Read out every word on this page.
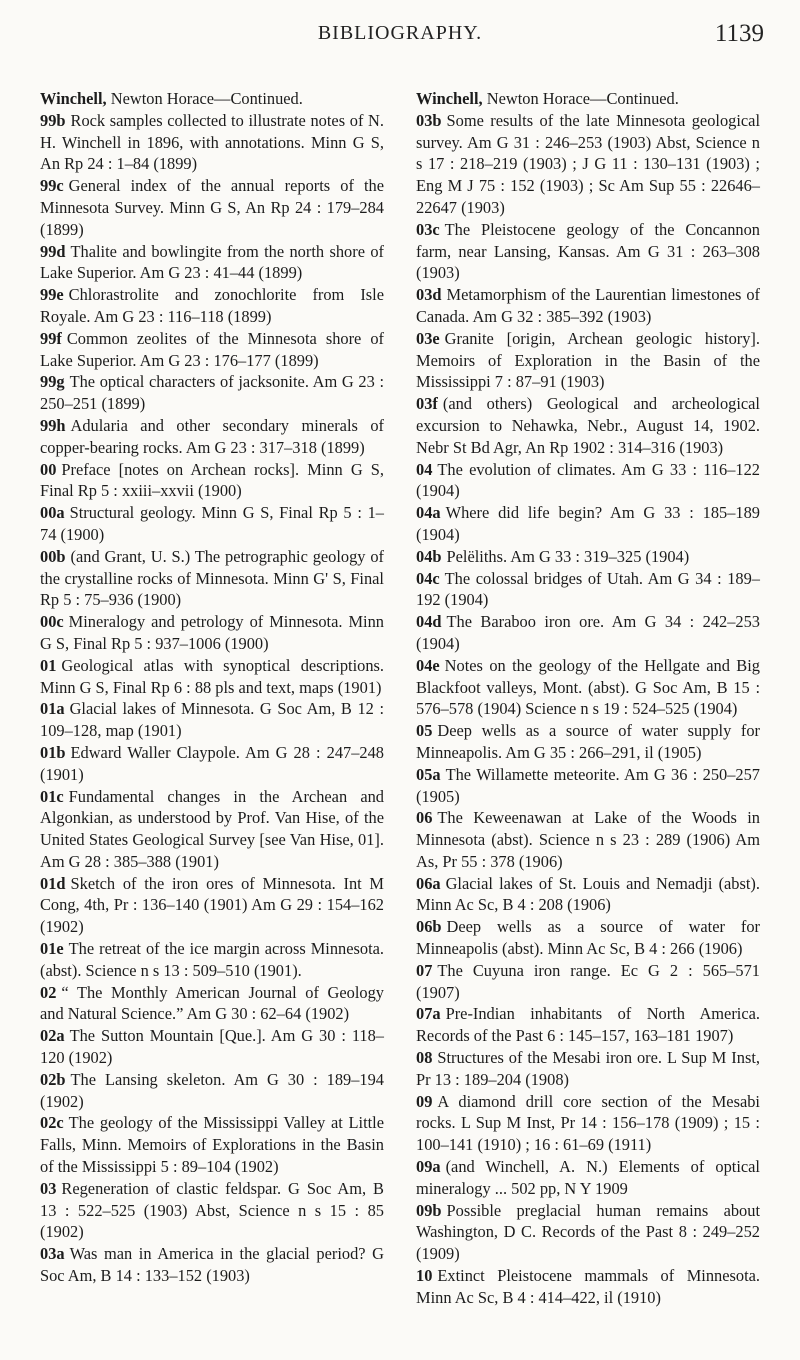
BIBLIOGRAPHY.	1139

Winchell, Newton Horace—Continued.

99b Rock samples collected to illustrate notes of N. H. Winchell in 1896, with annotations. Minn G S, An Rp 24 : 1–84 (1899)

99c General index of the annual reports of the Minnesota Survey. Minn G S, An Rp 24 : 179–284 (1899)

99d Thalite and bowlingite from the north shore of Lake Superior. Am G 23 : 41–44 (1899)

99e Chlorastrolite and zonochlorite from Isle Royale. Am G 23 : 116–118 (1899)

99f Common zeolites of the Minnesota shore of Lake Superior. Am G 23 : 176–177 (1899)

99g The optical characters of jacksonite. Am G 23 : 250–251 (1899)

99h Adularia and other secondary minerals of copper-bearing rocks. Am G 23 : 317–318 (1899)

00 Preface [notes on Archean rocks]. Minn G S, Final Rp 5 : xxiii–xxvii (1900)

00a Structural geology. Minn G S, Final Rp 5 : 1–74 (1900)

00b (and Grant, U. S.) The petrographic geology of the crystalline rocks of Minnesota. Minn G' S, Final Rp 5 : 75–936 (1900)

00c Mineralogy and petrology of Minnesota. Minn G S, Final Rp 5 : 937–1006 (1900)

01 Geological atlas with synoptical descriptions. Minn G S, Final Rp 6 : 88 pls and text, maps (1901)

01a Glacial lakes of Minnesota. G Soc Am, B 12 : 109–128, map (1901)

01b Edward Waller Claypole. Am G 28 : 247–248 (1901)

01c Fundamental changes in the Archean and Algonkian, as understood by Prof. Van Hise, of the United States Geological Survey [see Van Hise, 01]. Am G 28 : 385–388 (1901)

01d Sketch of the iron ores of Minnesota. Int M Cong, 4th, Pr : 136–140 (1901) Am G 29 : 154–162 (1902)

01e The retreat of the ice margin across Minnesota. (abst). Science n s 13 : 509–510 (1901).

02 “ The Monthly American Journal of Geology and Natural Science.” Am G 30 : 62–64 (1902)

02a The Sutton Mountain [Que.]. Am G 30 : 118–120 (1902)

02b The Lansing skeleton. Am G 30 : 189–194 (1902)

02c The geology of the Mississippi Valley at Little Falls, Minn. Memoirs of Explorations in the Basin of the Mississippi 5 : 89–104 (1902)

03 Regeneration of clastic feldspar. G Soc Am, B 13 : 522–525 (1903) Abst, Science n s 15 : 85 (1902)

03a Was man in America in the glacial period? G Soc Am, B 14 : 133–152 (1903)

Winchell, Newton Horace—Continued.

03b Some results of the late Minnesota geological survey. Am G 31 : 246–253 (1903) Abst, Science n s 17 : 218–219 (1903) ; J G 11 : 130–131 (1903) ; Eng M J 75 : 152 (1903) ; Sc Am Sup 55 : 22646–22647 (1903)

03c The Pleistocene geology of the Concannon farm, near Lansing, Kansas. Am G 31 : 263–308 (1903)

03d Metamorphism of the Laurentian limestones of Canada. Am G 32 : 385–392 (1903)

03e Granite [origin, Archean geologic history]. Memoirs of Exploration in the Basin of the Mississippi 7 : 87–91 (1903)

03f (and others) Geological and archeological excursion to Nehawka, Nebr., August 14, 1902. Nebr St Bd Agr, An Rp 1902 : 314–316 (1903)

04 The evolution of climates. Am G 33 : 116–122 (1904)

04a Where did life begin? Am G 33 : 185–189 (1904)

04b Pelëliths. Am G 33 : 319–325 (1904)

04c The colossal bridges of Utah. Am G 34 : 189–192 (1904)

04d The Baraboo iron ore. Am G 34 : 242–253 (1904)

04e Notes on the geology of the Hellgate and Big Blackfoot valleys, Mont. (abst). G Soc Am, B 15 : 576–578 (1904) Science n s 19 : 524–525 (1904)

05 Deep wells as a source of water supply for Minneapolis. Am G 35 : 266–291, il (1905)

05a The Willamette meteorite. Am G 36 : 250–257 (1905)

06 The Keweenawan at Lake of the Woods in Minnesota (abst). Science n s 23 : 289 (1906) Am As, Pr 55 : 378 (1906)

06a Glacial lakes of St. Louis and Nemadji (abst). Minn Ac Sc, B 4 : 208 (1906)

06b Deep wells as a source of water for Minneapolis (abst). Minn Ac Sc, B 4 : 266 (1906)

07 The Cuyuna iron range. Ec G 2 : 565–571 (1907)

07a Pre-Indian inhabitants of North America. Records of the Past 6 : 145–157, 163–181 1907)

08 Structures of the Mesabi iron ore. L Sup M Inst, Pr 13 : 189–204 (1908)

09 A diamond drill core section of the Mesabi rocks. L Sup M Inst, Pr 14 : 156–178 (1909) ; 15 : 100–141 (1910) ; 16 : 61–69 (1911)

09a (and Winchell, A. N.) Elements of optical mineralogy ... 502 pp, N Y 1909

09b Possible preglacial human remains about Washington, D C. Records of the Past 8 : 249–252 (1909)

10 Extinct Pleistocene mammals of Minnesota. Minn Ac Sc, B 4 : 414–422, il (1910)
